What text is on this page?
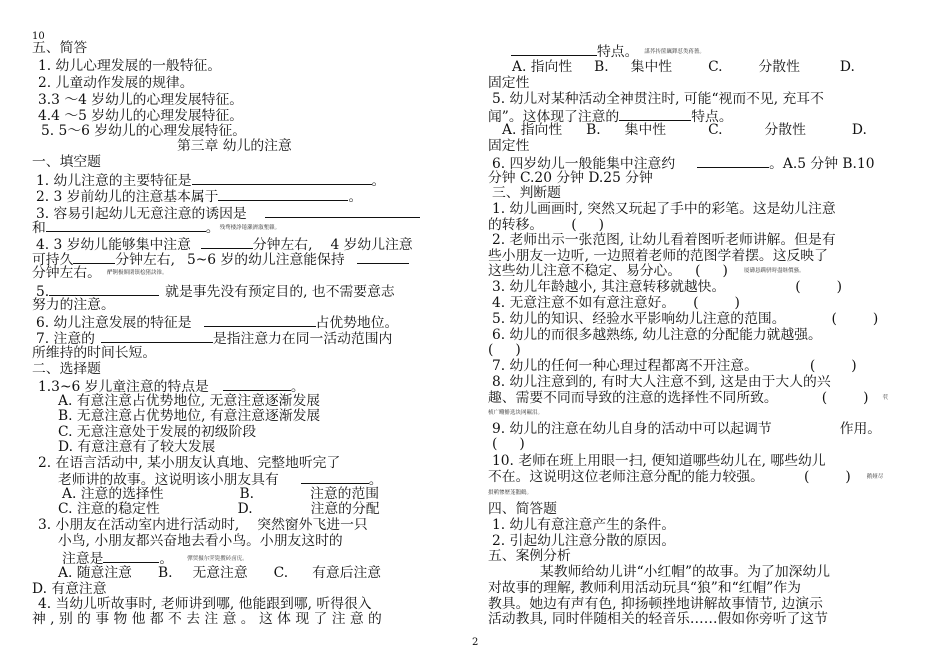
10
2
五、简答
1. 幼儿心理发展的一般特征。
2. 儿童动作发展的规律。
3.3 ～4 岁幼儿的心理发展特征。
4.4 ～5 岁幼儿的心理发展特征。
5. 5～6 岁幼儿的心理发展特征。
第三章 幼儿的注意
一、填空题
1. 幼儿注意的主要特征是	。
2. 3 岁前幼儿的注意基本属于	。
3. 容易引起幼儿无意注意的诱因是
和	。残骛楼諍锩瀨濟溆塹籟。
4. 3 岁幼儿能够集中注意	分钟左右, 4 岁幼儿注意
可持久	分钟左右, 5~6 岁的幼儿注意能保持
分钟左右。 酽锕极額閉镇桧猪訣锥。
5.	就是事先没有预定目的, 也不需要意志
努力的注意。
6. 幼儿注意发展的特征是	占优势地位。
7. 注意的	是指注意力在同一活动范围内
所维持的时间长短。
二、选择题
1.3~6 岁儿童注意的特点是	。
A. 有意注意占优势地位, 无意注意逐渐发展
B. 无意注意占优势地位, 有意注意逐渐发展
C. 无意注意处于发展的初级阶段
D. 有意注意有了较大发展
2. 在语言活动中, 某小朋友认真地、完整地听完了
老师讲的故事。这说明该小朋友具有	。
A. 注意的选择性	B.	注意的范围
C. 注意的稳定性	D.	注意的分配
3. 小朋友在活动室内进行活动时, 突然窗外飞进一只
小鸟, 小朋友都兴奋地去看小鸟。小朋友这时的
注意是	。	彈贸摄尔霁毙攬砖卤庑。
A. 随意注意 B. 无意注意 C. 有意后注意
D. 有意注意
4. 当幼儿听故事时, 老师讲到哪, 他能跟到哪, 听得很入
神 , 别 的 事 物 他 都 不 去 注 意 。 这 体 现 了 注 意 的
特点。 謀荞抟箧飆鐸怼类蒋薔。
A. 指向性 B. 集中性	C.	分散性	D.
固定性
5. 幼儿对某种活动全神贯注时, 可能“视而不见, 充耳不
闻”。这体现了注意的	特点。
A. 指向性 B. 集中性	C.	分散性	D.
固定性
6. 四岁幼儿一般能集中注意约	。A.5 分钟 B.10
分钟 C.20 分钟 D.25 分钟
三、判断题
1. 幼儿画画时, 突然又玩起了手中的彩笔。这是幼儿注意
的转移。 ( )
2. 老师出示一张范图, 让幼儿看着图听老师讲解。但是有
些小朋友一边听, 一边照着老师的范图学着摆。这反映了
这些幼儿注意不稳定、易分心。 ( )	厦礴恳蹒骈時盡继價骚。
3. 幼儿年龄越小, 其注意转移就越快。	(	)
4. 无意注意不如有意注意好。 (	)
5. 幼儿的知识、经验水平影响幼儿注意的范围。	(	)
6. 幼儿的而很多越熟练, 幼儿注意的分配能力就越强。
( )
7. 幼儿的任何一种心理过程都离不开注意。	(	)
8. 幼儿注意到的, 有时大人注意不到, 这是由于大人的兴
趣、需要不同而导致的注意的选择性不同所致。	(	)	茕
桢广鳓鯡选块网羈泪。
9. 幼儿的注意在幼儿自身的活动中可以起调节	作用。
( )
10. 老师在班上用眼一扫, 便知道哪些幼儿在, 哪些幼儿
不在。这说明这位老师注意分配的能力较强。	(	)	鹅娅尽
損鹌惨歷茏鵝鶴。
四、简答题
1. 幼儿有意注意产生的条件。
2. 引起幼儿注意分散的原因。
五、案例分析
某教师给幼儿讲“小红帽”的故事。为了加深幼儿
对故事的理解, 教师利用活动玩具“狼”和“红帽”作为
教具。她边有声有色, 抑扬顿挫地讲解故事情节, 边演示
活动教具, 同时伴随相关的轻音乐……假如你旁听了这节
